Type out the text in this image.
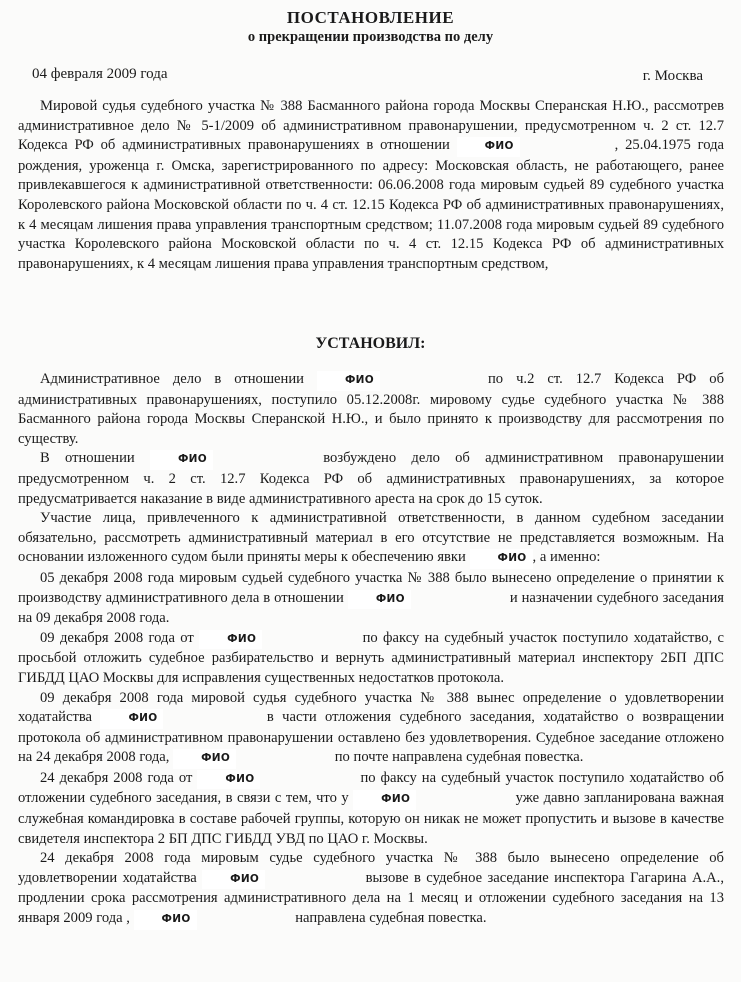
ПОСТАНОВЛЕНИЕ
о прекращении производства по делу
04 февраля 2009 года	г. Москва

Мировой судья судебного участка № 388 Басманного района города Москвы Сперанская Н.Ю., рассмотрев административное дело № 5-1/2009 об административном правонарушении, предусмотренном ч. 2 ст. 12.7 Кодекса РФ об административных правонарушениях в отношении	ФИО	, 25.04.1975 года рождения, уроженца г. Омска, зарегистрированного по адресу: Московская область, не работающего, ранее привлекавшегося к административной ответственности: 06.06.2008 года мировым судьей 89 судебного участка Королевского района Московской области по ч. 4 ст. 12.15 Кодекса РФ об административных правонарушениях, к 4 месяцам лишения права управления транспортным средством; 11.07.2008 года мировым судьей 89 судебного участка Королевского района Московской области по ч. 4 ст. 12.15 Кодекса РФ об административных правонарушениях, к 4 месяцам лишения права управления транспортным средством,

УСТАНОВИЛ:

Административное дело в отношении	ФИО	по ч.2 ст. 12.7 Кодекса РФ об административных правонарушениях, поступило 05.12.2008г. мировому судье судебного участка № 388 Басманного района города Москвы Сперанской Н.Ю., и было принято к производству для рассмотрения по существу.

В отношении	ФИО	возбуждено дело об административном правонарушении предусмотренном ч. 2 ст. 12.7 Кодекса РФ об административных правонарушениях, за которое предусматривается наказание в виде административного ареста на срок до 15 суток.

Участие лица, привлеченного к административной ответственности, в данном судебном заседании обязательно, рассмотреть административный материал в его отсутствие не представляется возможным. На основании изложенного судом были приняты меры к обеспечению явки	ФИО , а именно:

05 декабря 2008 года мировым судьей судебного участка № 388 было вынесено определение о принятии к производству административного дела в отношении	ФИО	и назначении судебного заседания на 09 декабря 2008 года.

09 декабря 2008 года от	ФИО	по факсу на судебный участок поступило ходатайство, с просьбой отложить судебное разбирательство и вернуть административный материал инспектору 2БП ДПС ГИБДД ЦАО Москвы для исправления существенных недостатков протокола.

09 декабря 2008 года мировой судья судебного участка № 388 вынес определение о удовлетворении ходатайства	ФИО	в части отложения судебного заседания, ходатайство о возвращении протокола об административном правонарушении оставлено без удовлетворения. Судебное заседание отложено на 24 декабря 2008 года,	ФИО	по почте направлена судебная повестка.

24 декабря 2008 года от	ФИО	по факсу на судебный участок поступило ходатайство об отложении судебного заседания, в связи с тем, что у	ФИО	уже давно запланирована важная служебная командировка в составе рабочей группы, которую он никак не может пропустить и вызове в качестве свидетеля инспектора 2 БП ДПС ГИБДД УВД по ЦАО г. Москвы.

24 декабря 2008 года мировым судье судебного участка № 388 было вынесено определение об удовлетворении ходатайства	ФИО	вызове в судебное заседание инспектора Гагарина А.А., продлении срока рассмотрения административного дела на 1 месяц и отложении судебного заседания на 13 января 2009 года ,	ФИО	направлена судебная повестка.
